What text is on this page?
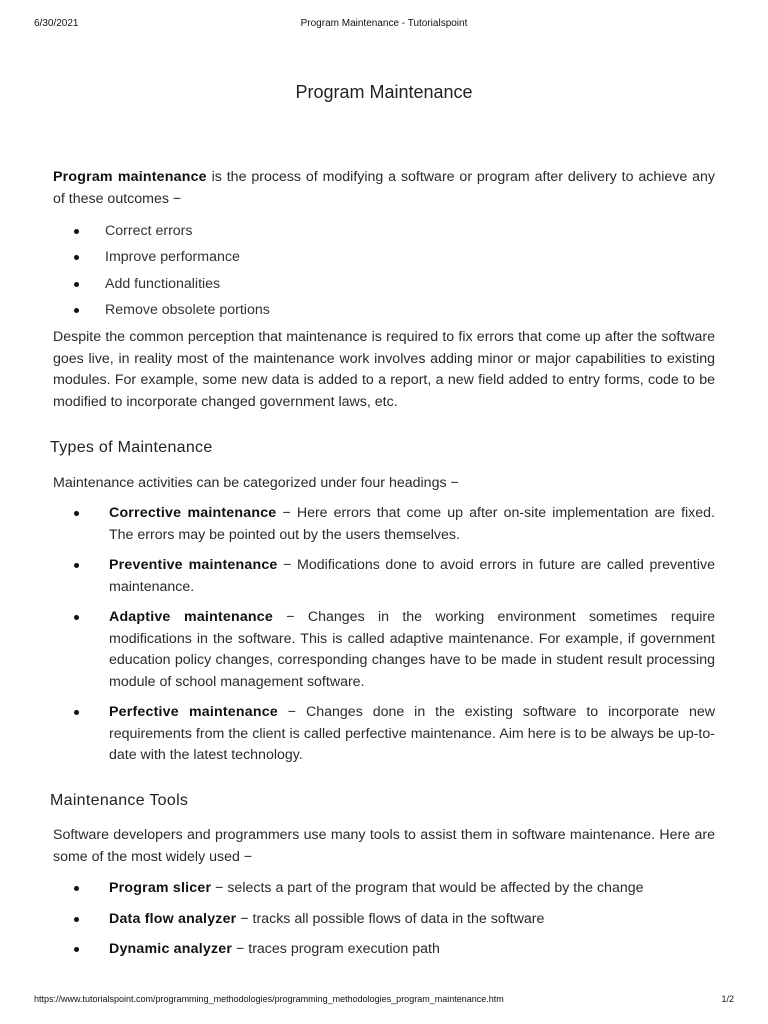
6/30/2021	Program Maintenance - Tutorialspoint
Program Maintenance

Program maintenance is the process of modifying a software or program after delivery to achieve any of these outcomes −

Correct errors
Improve performance
Add functionalities
Remove obsolete portions

Despite the common perception that maintenance is required to fix errors that come up after the software goes live, in reality most of the maintenance work involves adding minor or major capabilities to existing modules. For example, some new data is added to a report, a new field added to entry forms, code to be modified to incorporate changed government laws, etc.

Types of Maintenance

Maintenance activities can be categorized under four headings −

Corrective maintenance − Here errors that come up after on-site implementation are fixed. The errors may be pointed out by the users themselves.
Preventive maintenance − Modifications done to avoid errors in future are called preventive maintenance.
Adaptive maintenance − Changes in the working environment sometimes require modifications in the software. This is called adaptive maintenance. For example, if government education policy changes, corresponding changes have to be made in student result processing module of school management software.
Perfective maintenance − Changes done in the existing software to incorporate new requirements from the client is called perfective maintenance. Aim here is to be always be up-to-date with the latest technology.
Maintenance Tools

Software developers and programmers use many tools to assist them in software maintenance. Here are some of the most widely used −

Program slicer − selects a part of the program that would be affected by the change
Data flow analyzer − tracks all possible flows of data in the software
Dynamic analyzer − traces program execution path
https://www.tutorialspoint.com/programming_methodologies/programming_methodologies_program_maintenance.htm	1/2
